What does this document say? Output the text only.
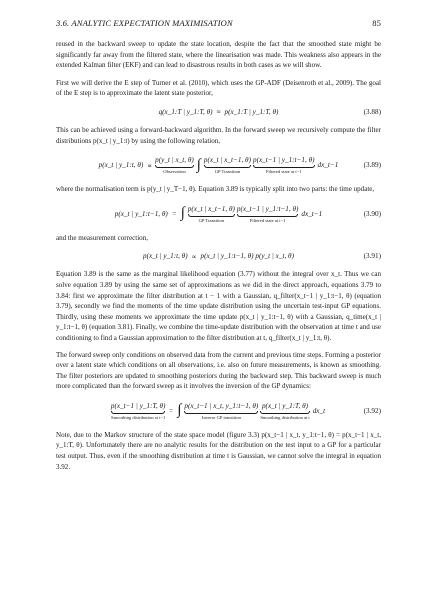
3.6. ANALYTIC EXPECTATION MAXIMISATION	85

reused in the backward sweep to update the state location, despite the fact that the smoothed state might be significantly far away from the filtered state, where the linearisation was made. This weakness also appears in the extended Kalman filter (EKF) and can lead to disastrous results in both cases as we will show.

First we will derive the E step of Turner et al. (2010), which uses the GP-ADF (Deisenroth et al., 2009). The goal of the E step is to approximate the latent state posterior,

q(x_1:T | y_1:T, θ) ≈ p(x_1:T | y_1:T, θ)	(3.88)

This can be achieved using a forward-backward algorithm. In the forward sweep we recursively compute the filter distributions p(x_t | y_1:t) by using the following relation,

p(x_t | y_1:t, θ) ∝
p(y_t | x_t, θ)
Observation ∫ p(x_t | x_t−1, θ)
GP Transition
p(x_t−1 | y_1:t−1, θ)
Filtered state at t−1
dx_t−1	(3.89)

where the normalisation term is p(y_t | y_T−1, θ). Equation 3.89 is typically split into two parts: the time update,

p(x_t | y_1:t−1, θ) = ∫ p(x_t | x_t−1, θ)
GP Transition
p(x_t−1 | y_1:t−1, θ)
Filtered state at t−1
dx_t−1	(3.90)

and the measurement correction,

p(x_t | y_1:t, θ) ∝ p(x_t | y_1:t−1, θ) p(y_t | x_t, θ)	(3.91)

Equation 3.89 is the same as the marginal likelihood equation (3.77) without the integral over x_t. Thus we can solve equation 3.89 by using the same set of approximations as we did in the direct approach, equations 3.79 to 3.84: first we approximate the filter distribution at t − 1 with a Gaussian, q_filter(x_t−1 | y_1:t−1, θ) (equation 3.79), secondly we find the moments of the time update distribution using the uncertain test-input GP equations. Thirdly, using these moments we approximate the time update p(x_t | y_1:t−1, θ) with a Gaussian, q_time(x_t | y_1:t−1, θ) (equation 3.81). Finally, we combine the time-update distribution with the observation at time t and use conditioning to find a Gaussian approximation to the filter distribution at t, q_filter(x_t | y_1:t, θ).

The forward sweep only conditions on observed data from the current and previous time steps. Forming a posterior over a latent state which conditions on all observations, i.e. also on future measurements, is known as smoothing. The filter posteriors are updated to smoothing posteriors during the backward step. This backward sweep is much more complicated than the forward sweep as it involves the inversion of the GP dynamics:

p(x_t−1 | y_1:T, θ)
Smoothing distribution at t−1
= ∫ p(x_t−1 | x_t, y_1:t−1, θ)
Inverse GP transition
p(x_t | y_1:T, θ)
Smoothing distribution at t
dx_t	(3.92)

Note, due to the Markov structure of the state space model (figure 3.3) p(x_t−1 | x_t, y_1:t−1, θ) = p(x_t−1 | x_t, y_1:T, θ). Unfortunately there are no analytic results for the distribution on the test input to a GP for a particular test output. Thus, even if the smoothing distribution at time t is Gaussian, we cannot solve the integral in equation 3.92.
